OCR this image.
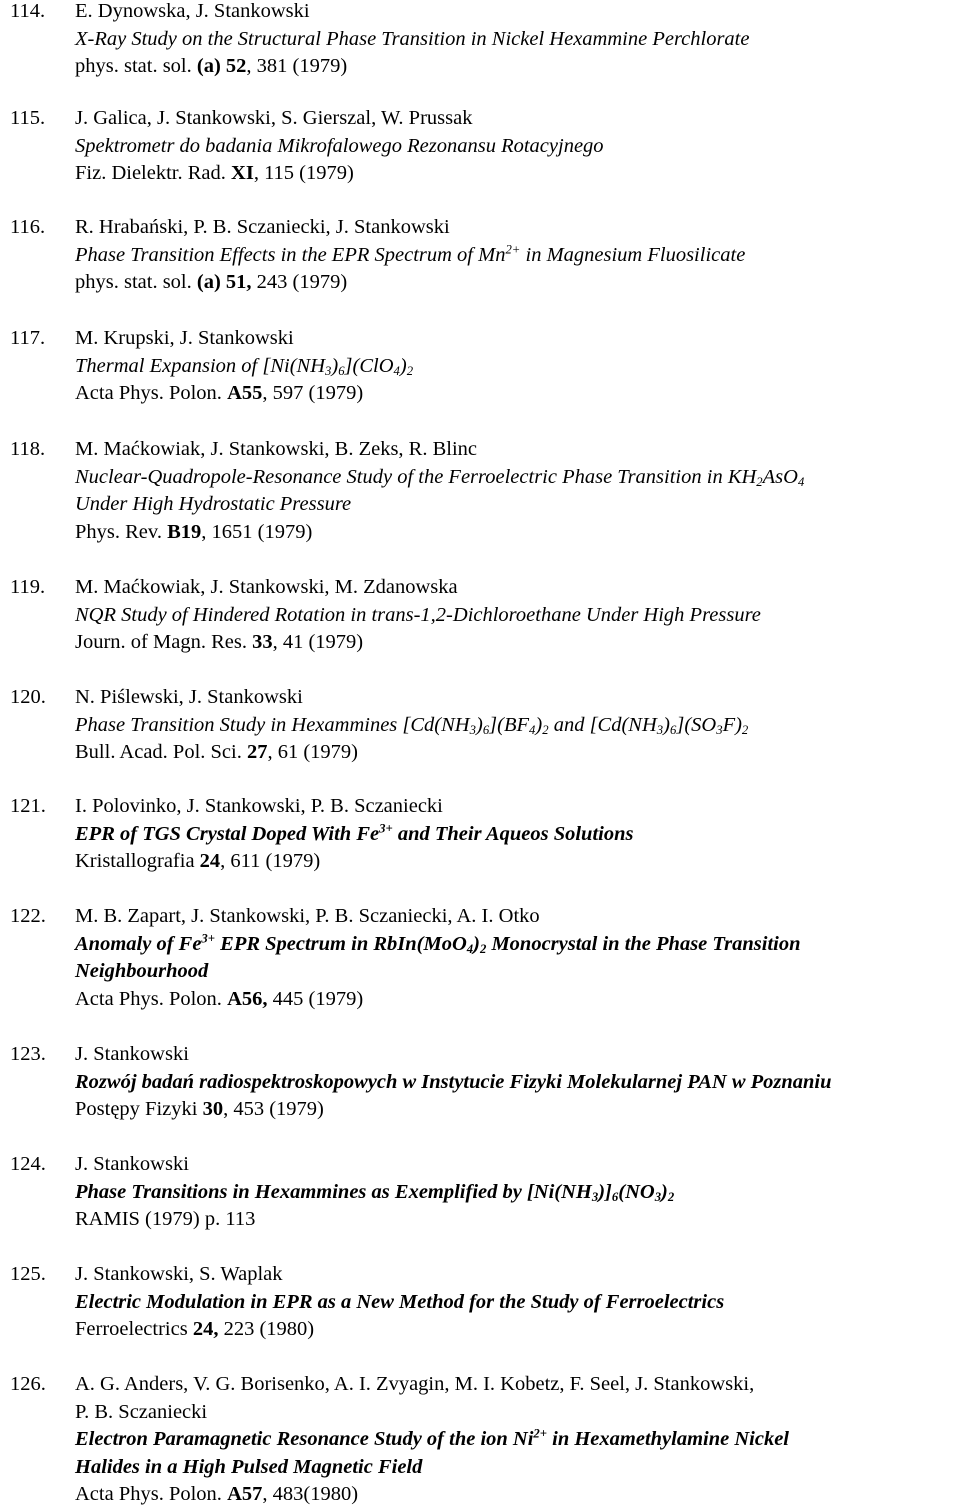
114. E. Dynowska, J. Stankowski
X-Ray Study on the Structural Phase Transition in Nickel Hexammine Perchlorate
phys. stat. sol. (a) 52, 381 (1979)
115. J. Galica, J. Stankowski, S. Gierszal, W. Prussak
Spektrometr do badania Mikrofalowego Rezonansu Rotacyjnego
Fiz. Dielektr. Rad. XI, 115 (1979)
116. R. Hrabański, P. B. Sczaniecki, J. Stankowski
Phase Transition Effects in the EPR Spectrum of $Mn^{2+}$ in Magnesium Fluosilicate
phys. stat. sol. (a) 51, 243 (1979)
117. M. Krupski, J. Stankowski
Thermal Expansion of $[Ni(NH_3)_6](ClO_4)_2$
Acta Phys. Polon. A55, 597 (1979)
118. M. Maćkowiak, J. Stankowski, B. Zeks, R. Blinc
Nuclear-Quadropole-Resonance Study of the Ferroelectric Phase Transition in $KH_2AsO_4$
Under High Hydrostatic Pressure
Phys. Rev. B19, 1651 (1979)
119. M. Maćkowiak, J. Stankowski, M. Zdanowska
NQR Study of Hindered Rotation in trans-1,2-Dichloroethane Under High Pressure
Journ. of Magn. Res. 33, 41 (1979)
120. N. Piślewski, J. Stankowski
Phase Transition Study in Hexammines $[Cd(NH_3)_6](BF_4)_2$ and $[Cd(NH_3)_6](SO_3F)_2$
Bull. Acad. Pol. Sci. 27, 61 (1979)
121. I. Polovinko, J. Stankowski, P. B. Sczaniecki
EPR of TGS Crystal Doped With $Fe^{3+}$ and Their Aqueos Solutions
Kristallografia 24, 611 (1979)
122. M. B. Zapart, J. Stankowski, P. B. Sczaniecki, A. I. Otko
Anomaly of $Fe^{3+}$ EPR Spectrum in $RbIn(MoO_4)_2$ Monocrystal in the Phase Transition
Neighbourhood
Acta Phys. Polon. A56, 445 (1979)
123. J. Stankowski
Rozwój badań radiospektroskopowych w Instytucie Fizyki Molekularnej PAN w Poznaniu
Postępy Fizyki 30, 453 (1979)
124. J. Stankowski
Phase Transitions in Hexammines as Exemplified by $[Ni(NH_3)]_6(NO_3)_2$
RAMIS (1979) p. 113
125. J. Stankowski, S. Waplak
Electric Modulation in EPR as a New Method for the Study of Ferroelectrics
Ferroelectrics 24, 223 (1980)
126. A. G. Anders, V. G. Borisenko, A. I. Zvyagin, M. I. Kobetz, F. Seel, J. Stankowski,
P. B. Sczaniecki
Electron Paramagnetic Resonance Study of the ion $Ni^{2+}$ in Hexamethylamine Nickel
Halides in a High Pulsed Magnetic Field
Acta Phys. Polon. A57, 483(1980)
